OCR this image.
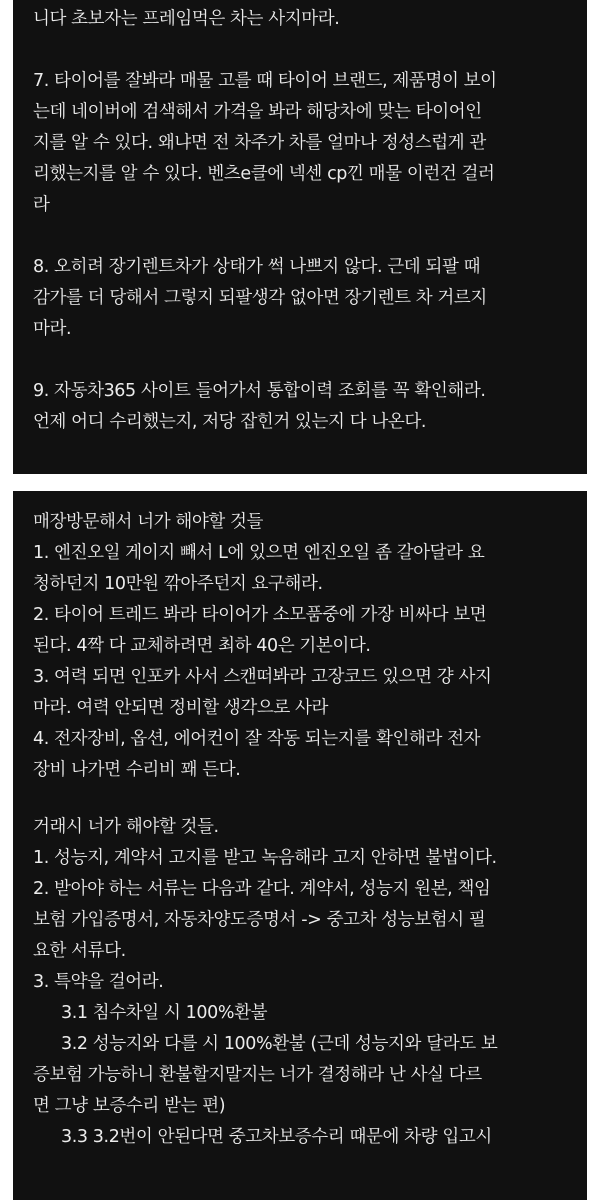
니다 초보자는 프레임먹은 차는 사지마라.
7. 타이어를 잘봐라 매물 고를 때 타이어 브랜드, 제품명이 보이
는데 네이버에 검색해서 가격을 봐라 해당차에 맞는 타이어인
지를 알 수 있다. 왜냐면 전 차주가 차를 얼마나 정성스럽게 관
리했는지를 알 수 있다. 벤츠e클에 넥센 cp낀 매물 이런건 걸러
라
8. 오히려 장기렌트차가 상태가 썩 나쁘지 않다. 근데 되팔 때
감가를 더 당해서 그렇지 되팔생각 없아면 장기렌트 차 거르지
마라.
9. 자동차365 사이트 들어가서 통합이력 조회를 꼭 확인해라.
언제 어디 수리했는지, 저당 잡힌거 있는지 다 나온다.
매장방문해서 너가 해야할 것들
1. 엔진오일 게이지 빼서 L에 있으면 엔진오일 좀 갈아달라 요
청하던지 10만원 깎아주던지 요구해라.
2. 타이어 트레드 봐라 타이어가 소모품중에 가장 비싸다 보면
된다. 4짝 다 교체하려면 최하 40은 기본이다.
3. 여력 되면 인포카 사서 스캔떠봐라 고장코드 있으면 걍 사지
마라. 여력 안되면 정비할 생각으로 사라
4. 전자장비, 옵션, 에어컨이 잘 작동 되는지를 확인해라 전자
장비 나가면 수리비 꽤 든다.
거래시 너가 해야할 것들.
1. 성능지, 계약서 고지를 받고 녹음해라 고지 안하면 불법이다.
2. 받아야 하는 서류는 다음과 같다. 계약서, 성능지 원본, 책임
보험 가입증명서, 자동차양도증명서 -> 중고차 성능보험시 필
요한 서류다.
3. 특약을 걸어라.
3.1 침수차일 시 100%환불
3.2 성능지와 다를 시 100%환불 (근데 성능지와 달라도 보
증보험 가능하니 환불할지말지는 너가 결정해라 난 사실 다르
면 그냥 보증수리 받는 편)
3.3 3.2번이 안된다면 중고차보증수리 때문에 차량 입고시
